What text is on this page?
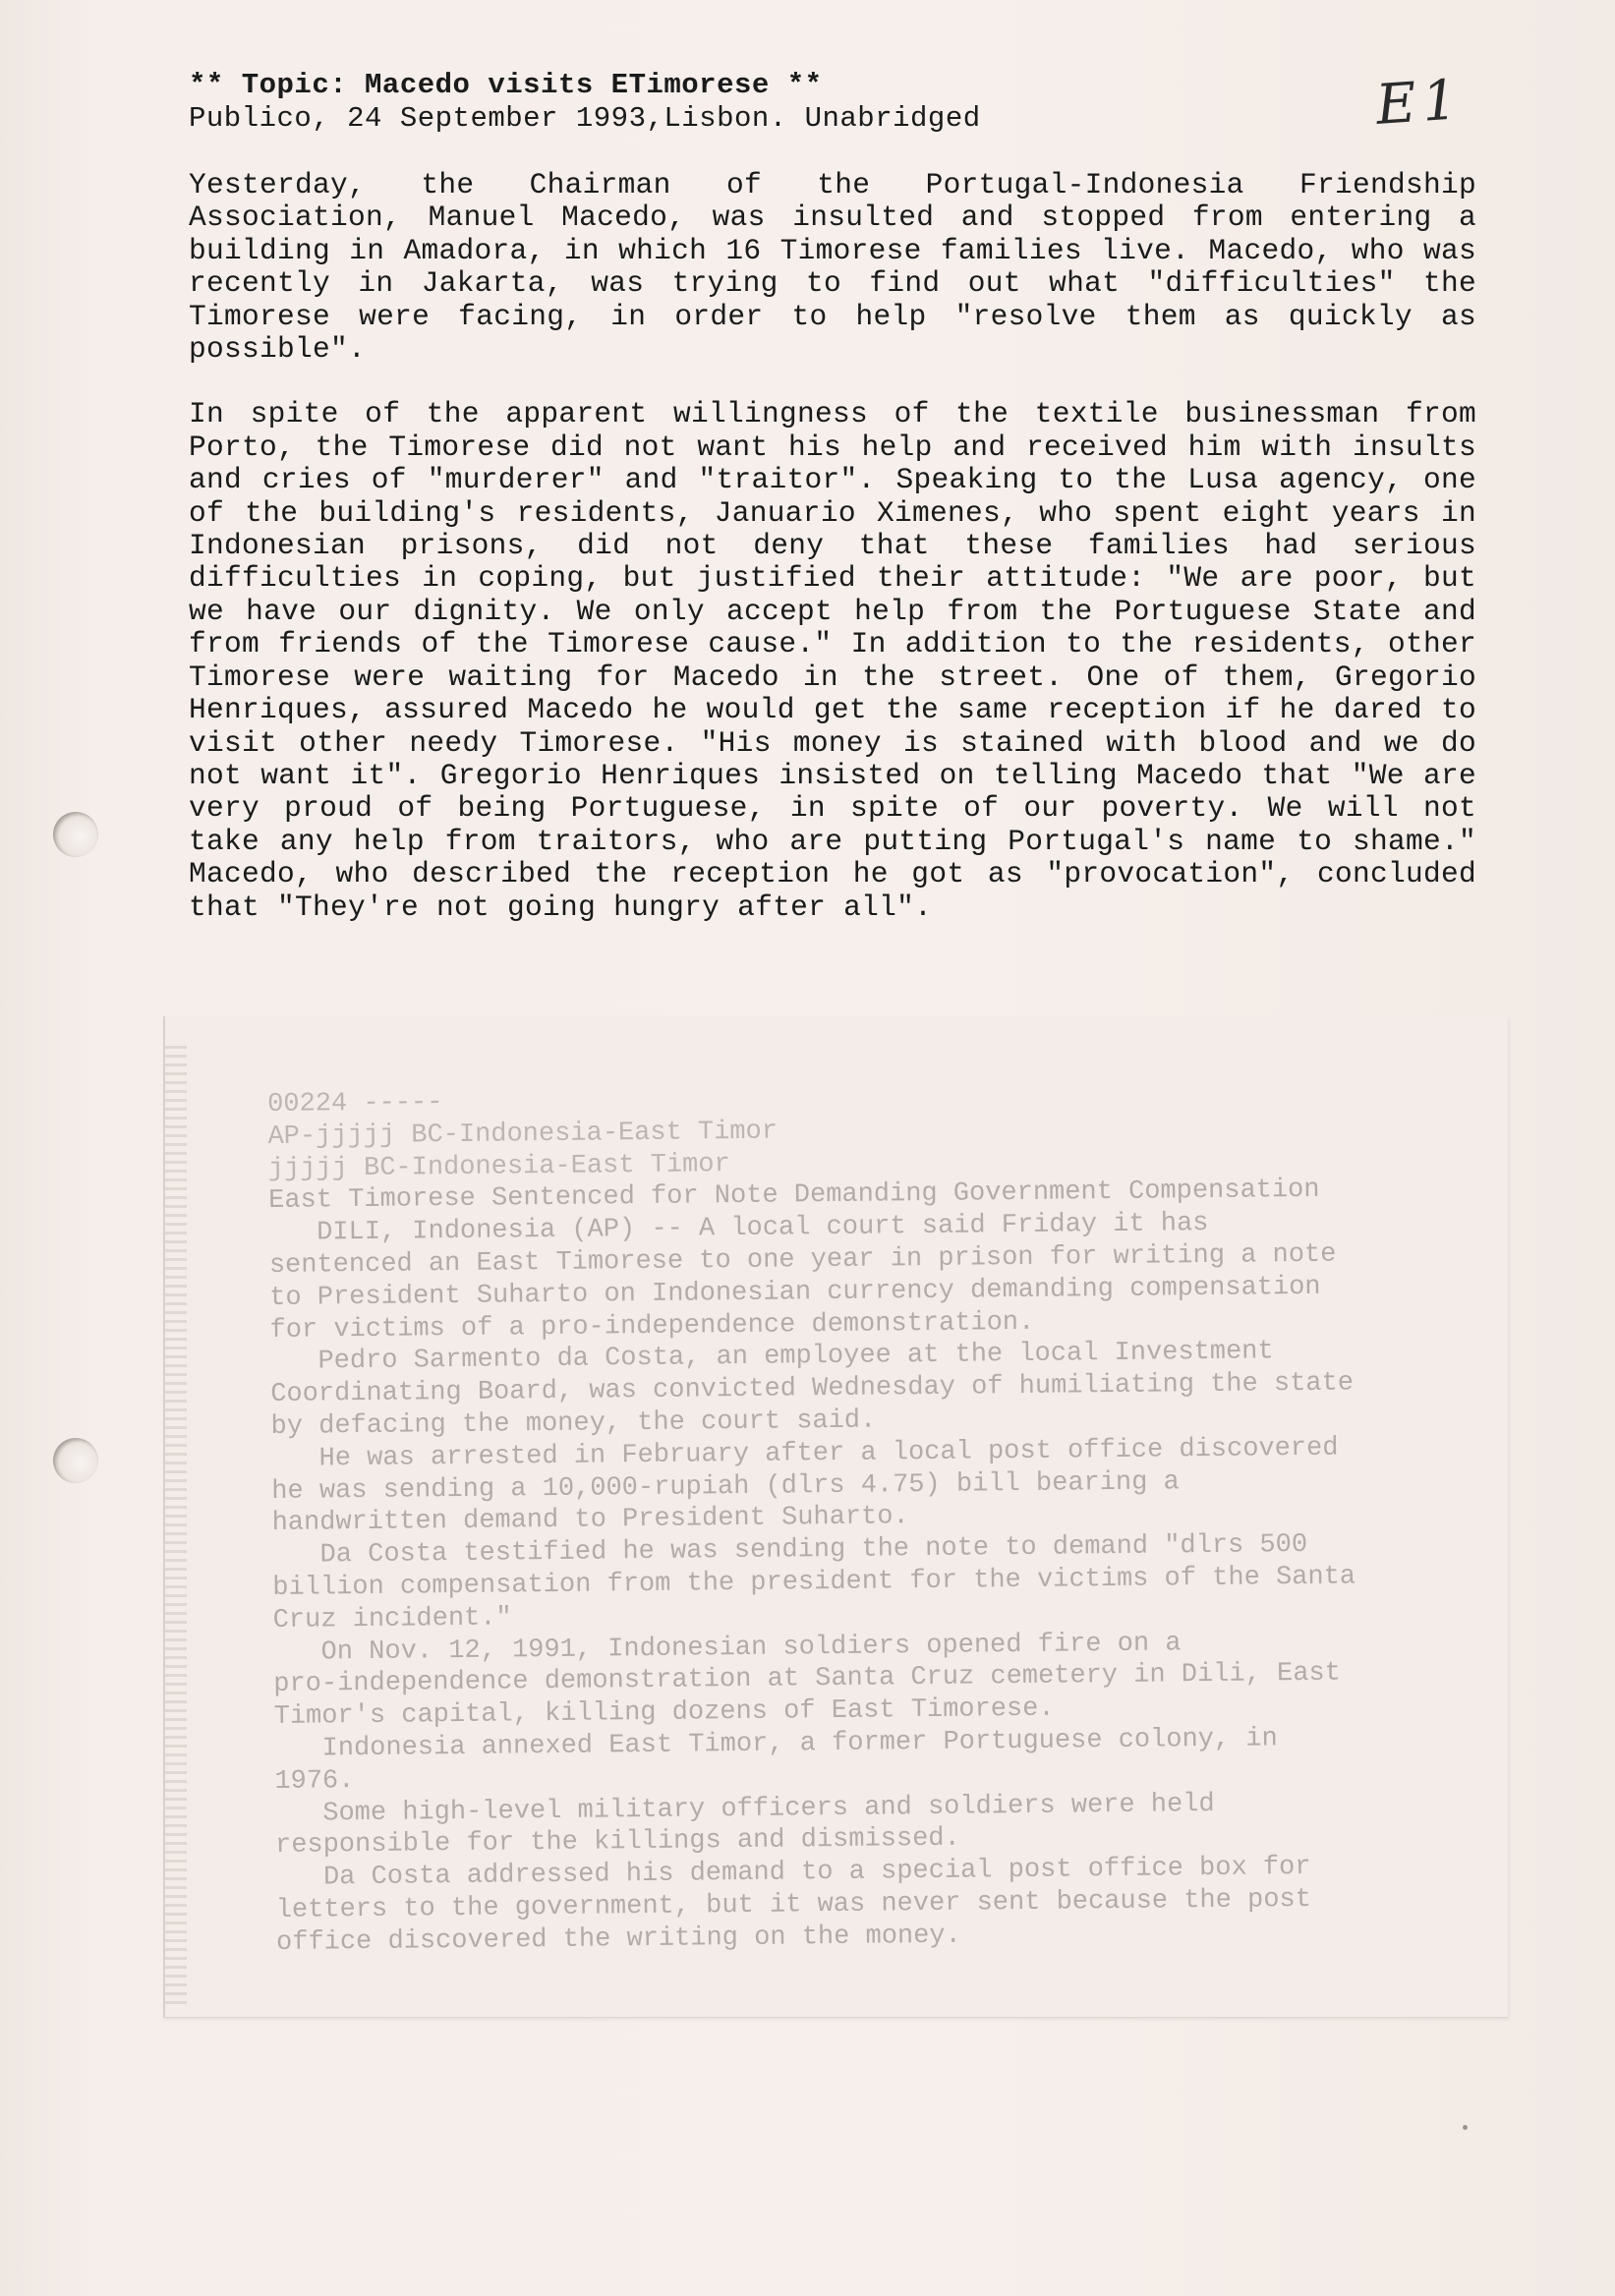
** Topic: Macedo visits ETimorese **
Publico, 24 September 1993,Lisbon. Unabridged	E1

Yesterday, the Chairman of the Portugal-Indonesia Friendship Association, Manuel Macedo, was insulted and stopped from entering a building in Amadora, in which 16 Timorese families live. Macedo, who was recently in Jakarta, was trying to find out what "difficulties" the Timorese were facing, in order to help "resolve them as quickly as possible".

In spite of the apparent willingness of the textile businessman from Porto, the Timorese did not want his help and received him with insults and cries of "murderer" and "traitor". Speaking to the Lusa agency, one of the building's residents, Januario Ximenes, who spent eight years in Indonesian prisons, did not deny that these families had serious difficulties in coping, but justified their attitude: "We are poor, but we have our dignity. We only accept help from the Portuguese State and from friends of the Timorese cause." In addition to the residents, other Timorese were waiting for Macedo in the street. One of them, Gregorio Henriques, assured Macedo he would get the same reception if he dared to visit other needy Timorese. "His money is stained with blood and we do not want it". Gregorio Henriques insisted on telling Macedo that "We are very proud of being Portuguese, in spite of our poverty. We will not take any help from traitors, who are putting Portugal's name to shame." Macedo, who described the reception he got as "provocation", concluded that "They're not going hungry after all".

00224 -----
AP-jjjjj BC-Indonesia-East Timor
jjjjj BC-Indonesia-East Timor
East Timorese Sentenced for Note Demanding Government Compensation
DILI, Indonesia (AP) -- A local court said Friday it has
sentenced an East Timorese to one year in prison for writing a note
to President Suharto on Indonesian currency demanding compensation
for victims of a pro-independence demonstration.
Pedro Sarmento da Costa, an employee at the local Investment
Coordinating Board, was convicted Wednesday of humiliating the state
by defacing the money, the court said.
He was arrested in February after a local post office discovered
he was sending a 10,000-rupiah (dlrs 4.75) bill bearing a
handwritten demand to President Suharto.
Da Costa testified he was sending the note to demand "dlrs 500
billion compensation from the president for the victims of the Santa
Cruz incident."
On Nov. 12, 1991, Indonesian soldiers opened fire on a
pro-independence demonstration at Santa Cruz cemetery in Dili, East
Timor's capital, killing dozens of East Timorese.
Indonesia annexed East Timor, a former Portuguese colony, in
1976.
Some high-level military officers and soldiers were held
responsible for the killings and dismissed.
Da Costa addressed his demand to a special post office box for
letters to the government, but it was never sent because the post
office discovered the writing on the money.
